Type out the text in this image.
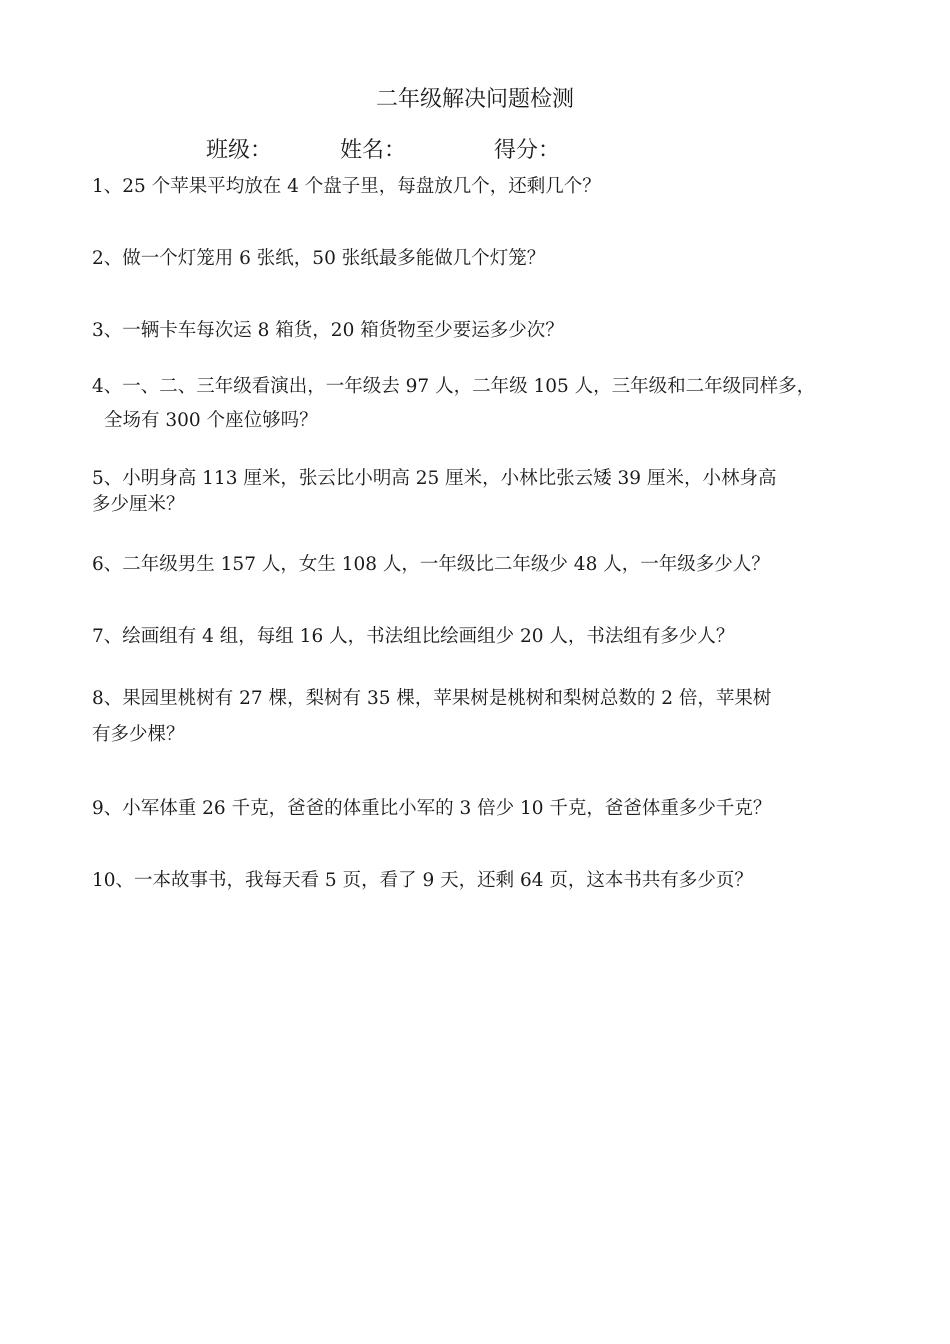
二年级解决问题检测
班级：	姓名：	得分：
1、25 个苹果平均放在 4 个盘子里，每盘放几个，还剩几个？
2、做一个灯笼用 6 张纸，50 张纸最多能做几个灯笼？
3、一辆卡车每次运 8 箱货，20 箱货物至少要运多少次？
4、一、二、三年级看演出，一年级去 97 人，二年级 105 人，三年级和二年级同样多，
全场有 300 个座位够吗？
5、小明身高 113 厘米，张云比小明高 25 厘米，小林比张云矮 39 厘米，小林身高
多少厘米？
6、二年级男生 157 人，女生 108 人，一年级比二年级少 48 人，一年级多少人？
7、绘画组有 4 组，每组 16 人，书法组比绘画组少 20 人，书法组有多少人？
8、果园里桃树有 27 棵，梨树有 35 棵，苹果树是桃树和梨树总数的 2 倍，苹果树
有多少棵？
9、小军体重 26 千克，爸爸的体重比小军的 3 倍少 10 千克，爸爸体重多少千克？
10、一本故事书，我每天看 5 页，看了 9 天，还剩 64 页，这本书共有多少页？
